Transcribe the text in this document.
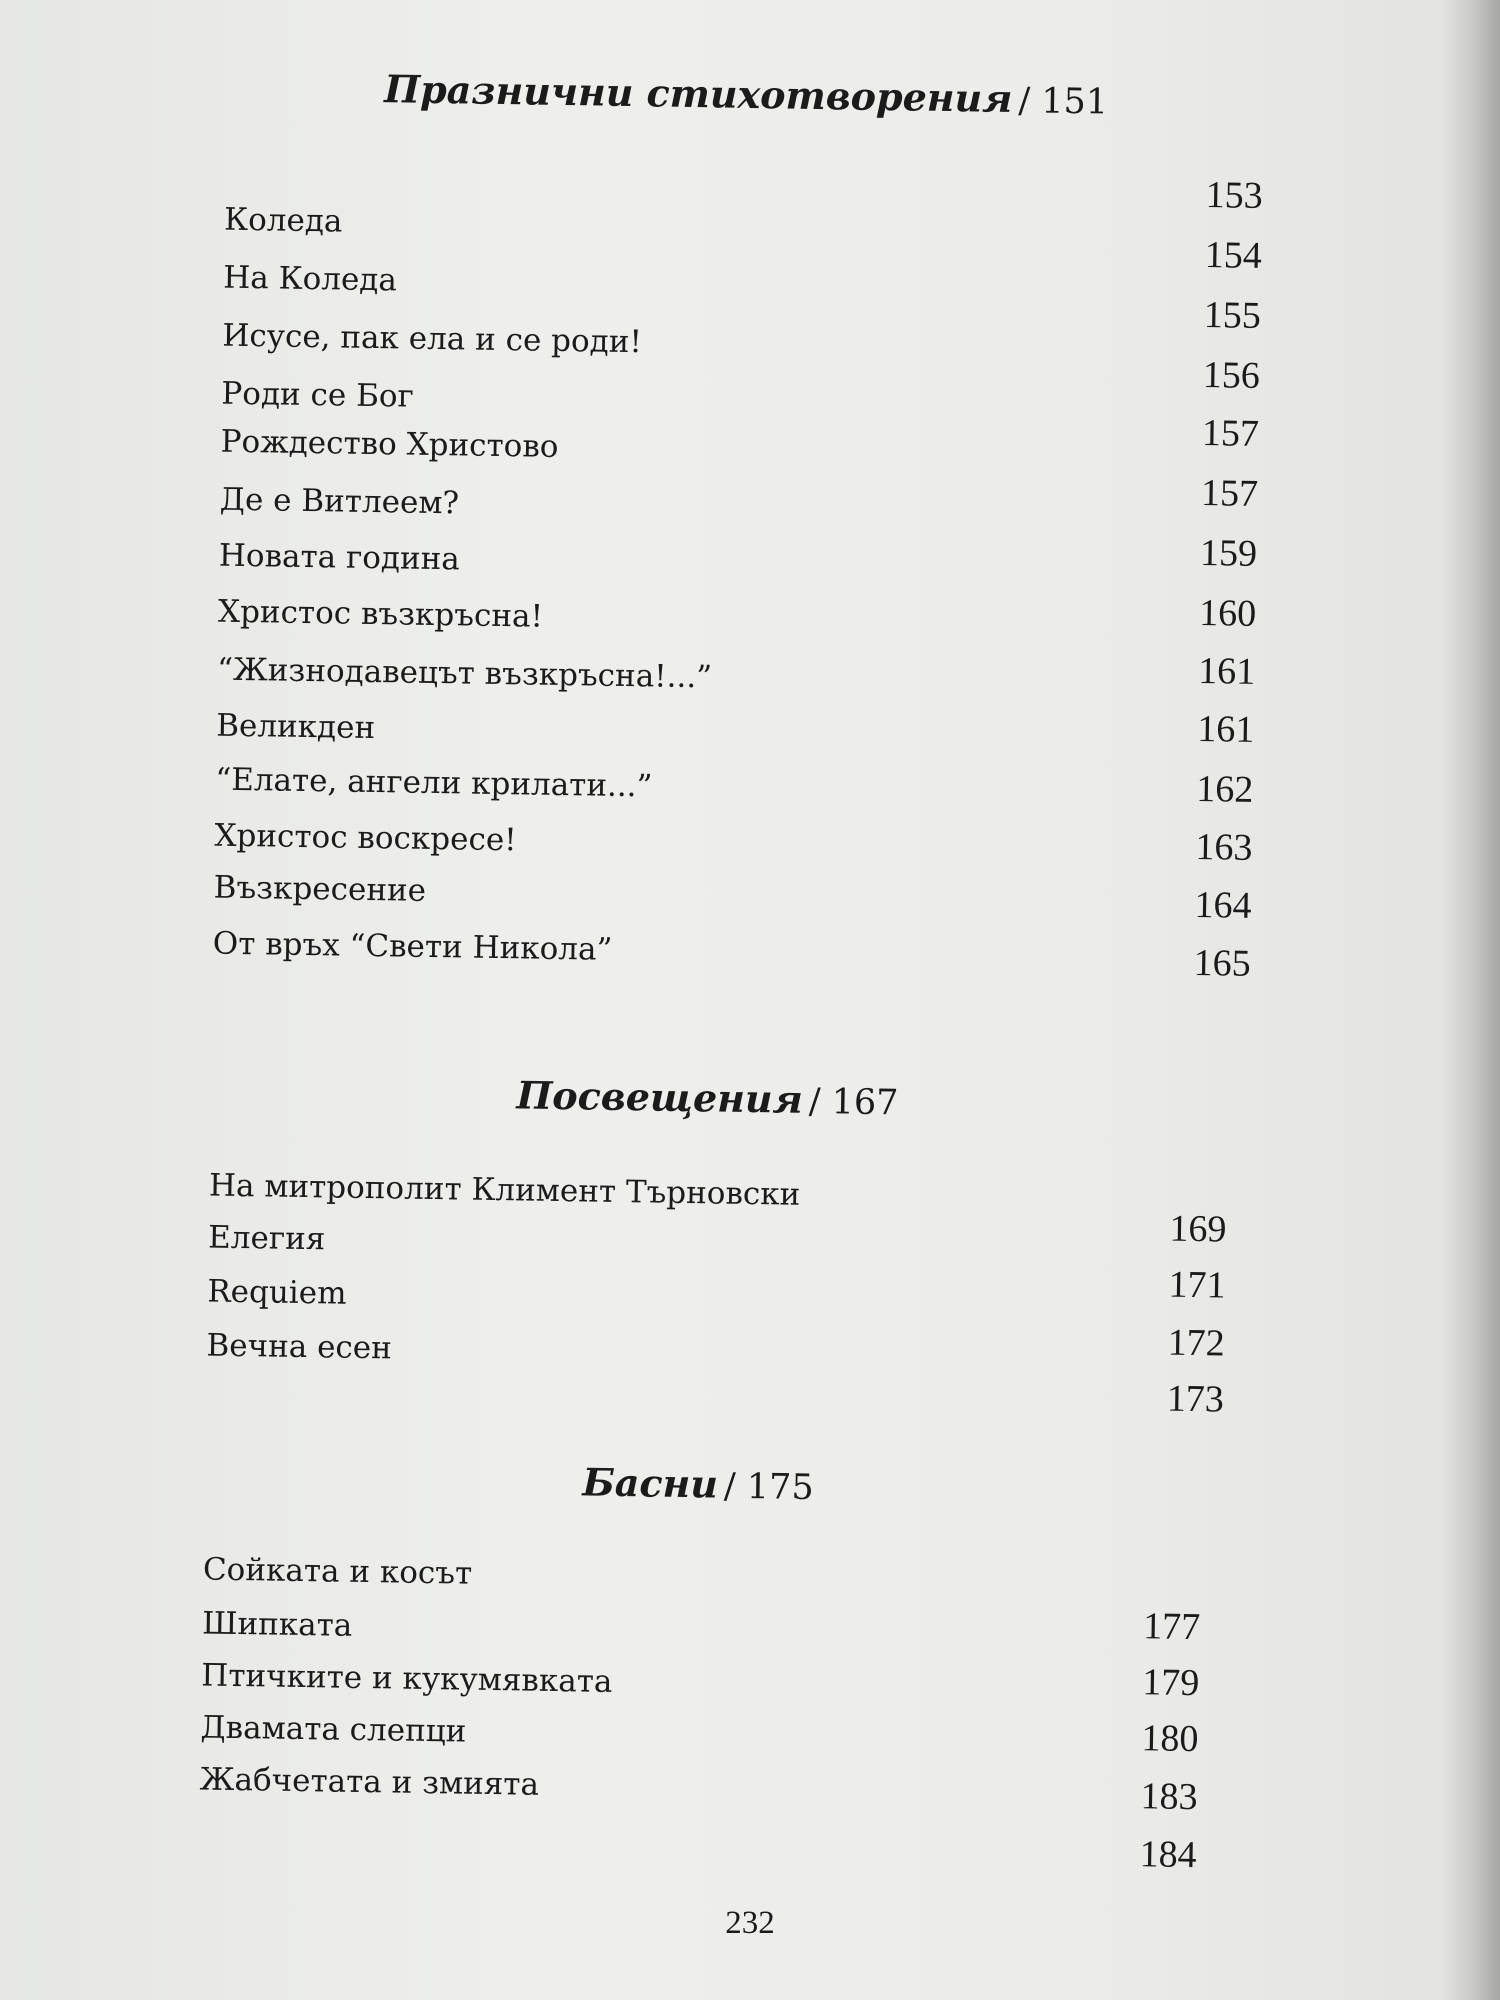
Празнични стихотворения / 151
Коледа
На Коледа
Исусе, пак ела и се роди!
Роди се Бог
Рождество Христово
Де е Витлеем?
Новата година
Христос възкръсна!
“Жизнодавецът възкръсна!...”
Великден
“Елате, ангели крилати...”
Христос воскресе!
Възкресение
От връх “Свети Никола”
153
154
155
156
157
157
159
160
161
161
162
163
164
165
Посвещения / 167
На митрополит Климент Търновски
Елегия
Requiem
Вечна есен
169
171
172
173
Басни / 175
Сойката и косът
Шипката
Птичките и кукумявката
Двамата слепци
Жабчетата и змията
177
179
180
183
184
232
